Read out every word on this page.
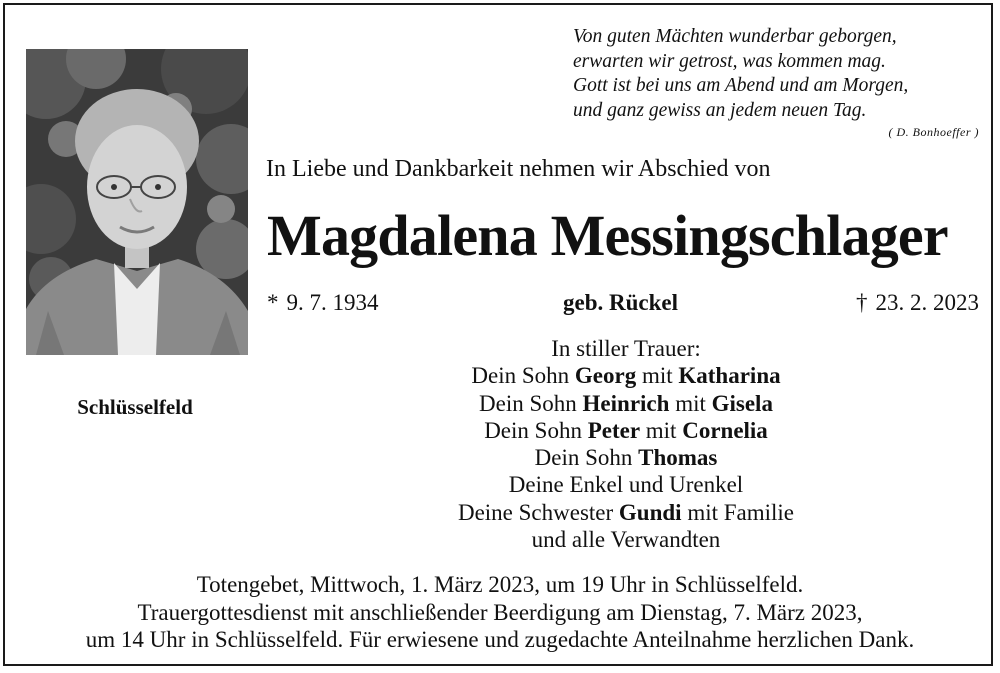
Schlüsselfeld
Von guten Mächten wunderbar geborgen,
erwarten wir getrost, was kommen mag.
Gott ist bei uns am Abend und am Morgen,
und ganz gewiss an jedem neuen Tag.
( D. Bonhoeffer )
In Liebe und Dankbarkeit nehmen wir Abschied von
Magdalena Messingschlager
* 9. 7. 1934	geb. Rückel	† 23. 2. 2023
In stiller Trauer:
Dein Sohn Georg mit Katharina
Dein Sohn Heinrich mit Gisela
Dein Sohn Peter mit Cornelia
Dein Sohn Thomas
Deine Enkel und Urenkel
Deine Schwester Gundi mit Familie
und alle Verwandten
Totengebet, Mittwoch, 1. März 2023, um 19 Uhr in Schlüsselfeld.
Trauergottesdienst mit anschließender Beerdigung am Dienstag, 7. März 2023,
um 14 Uhr in Schlüsselfeld. Für erwiesene und zugedachte Anteilnahme herzlichen Dank.
